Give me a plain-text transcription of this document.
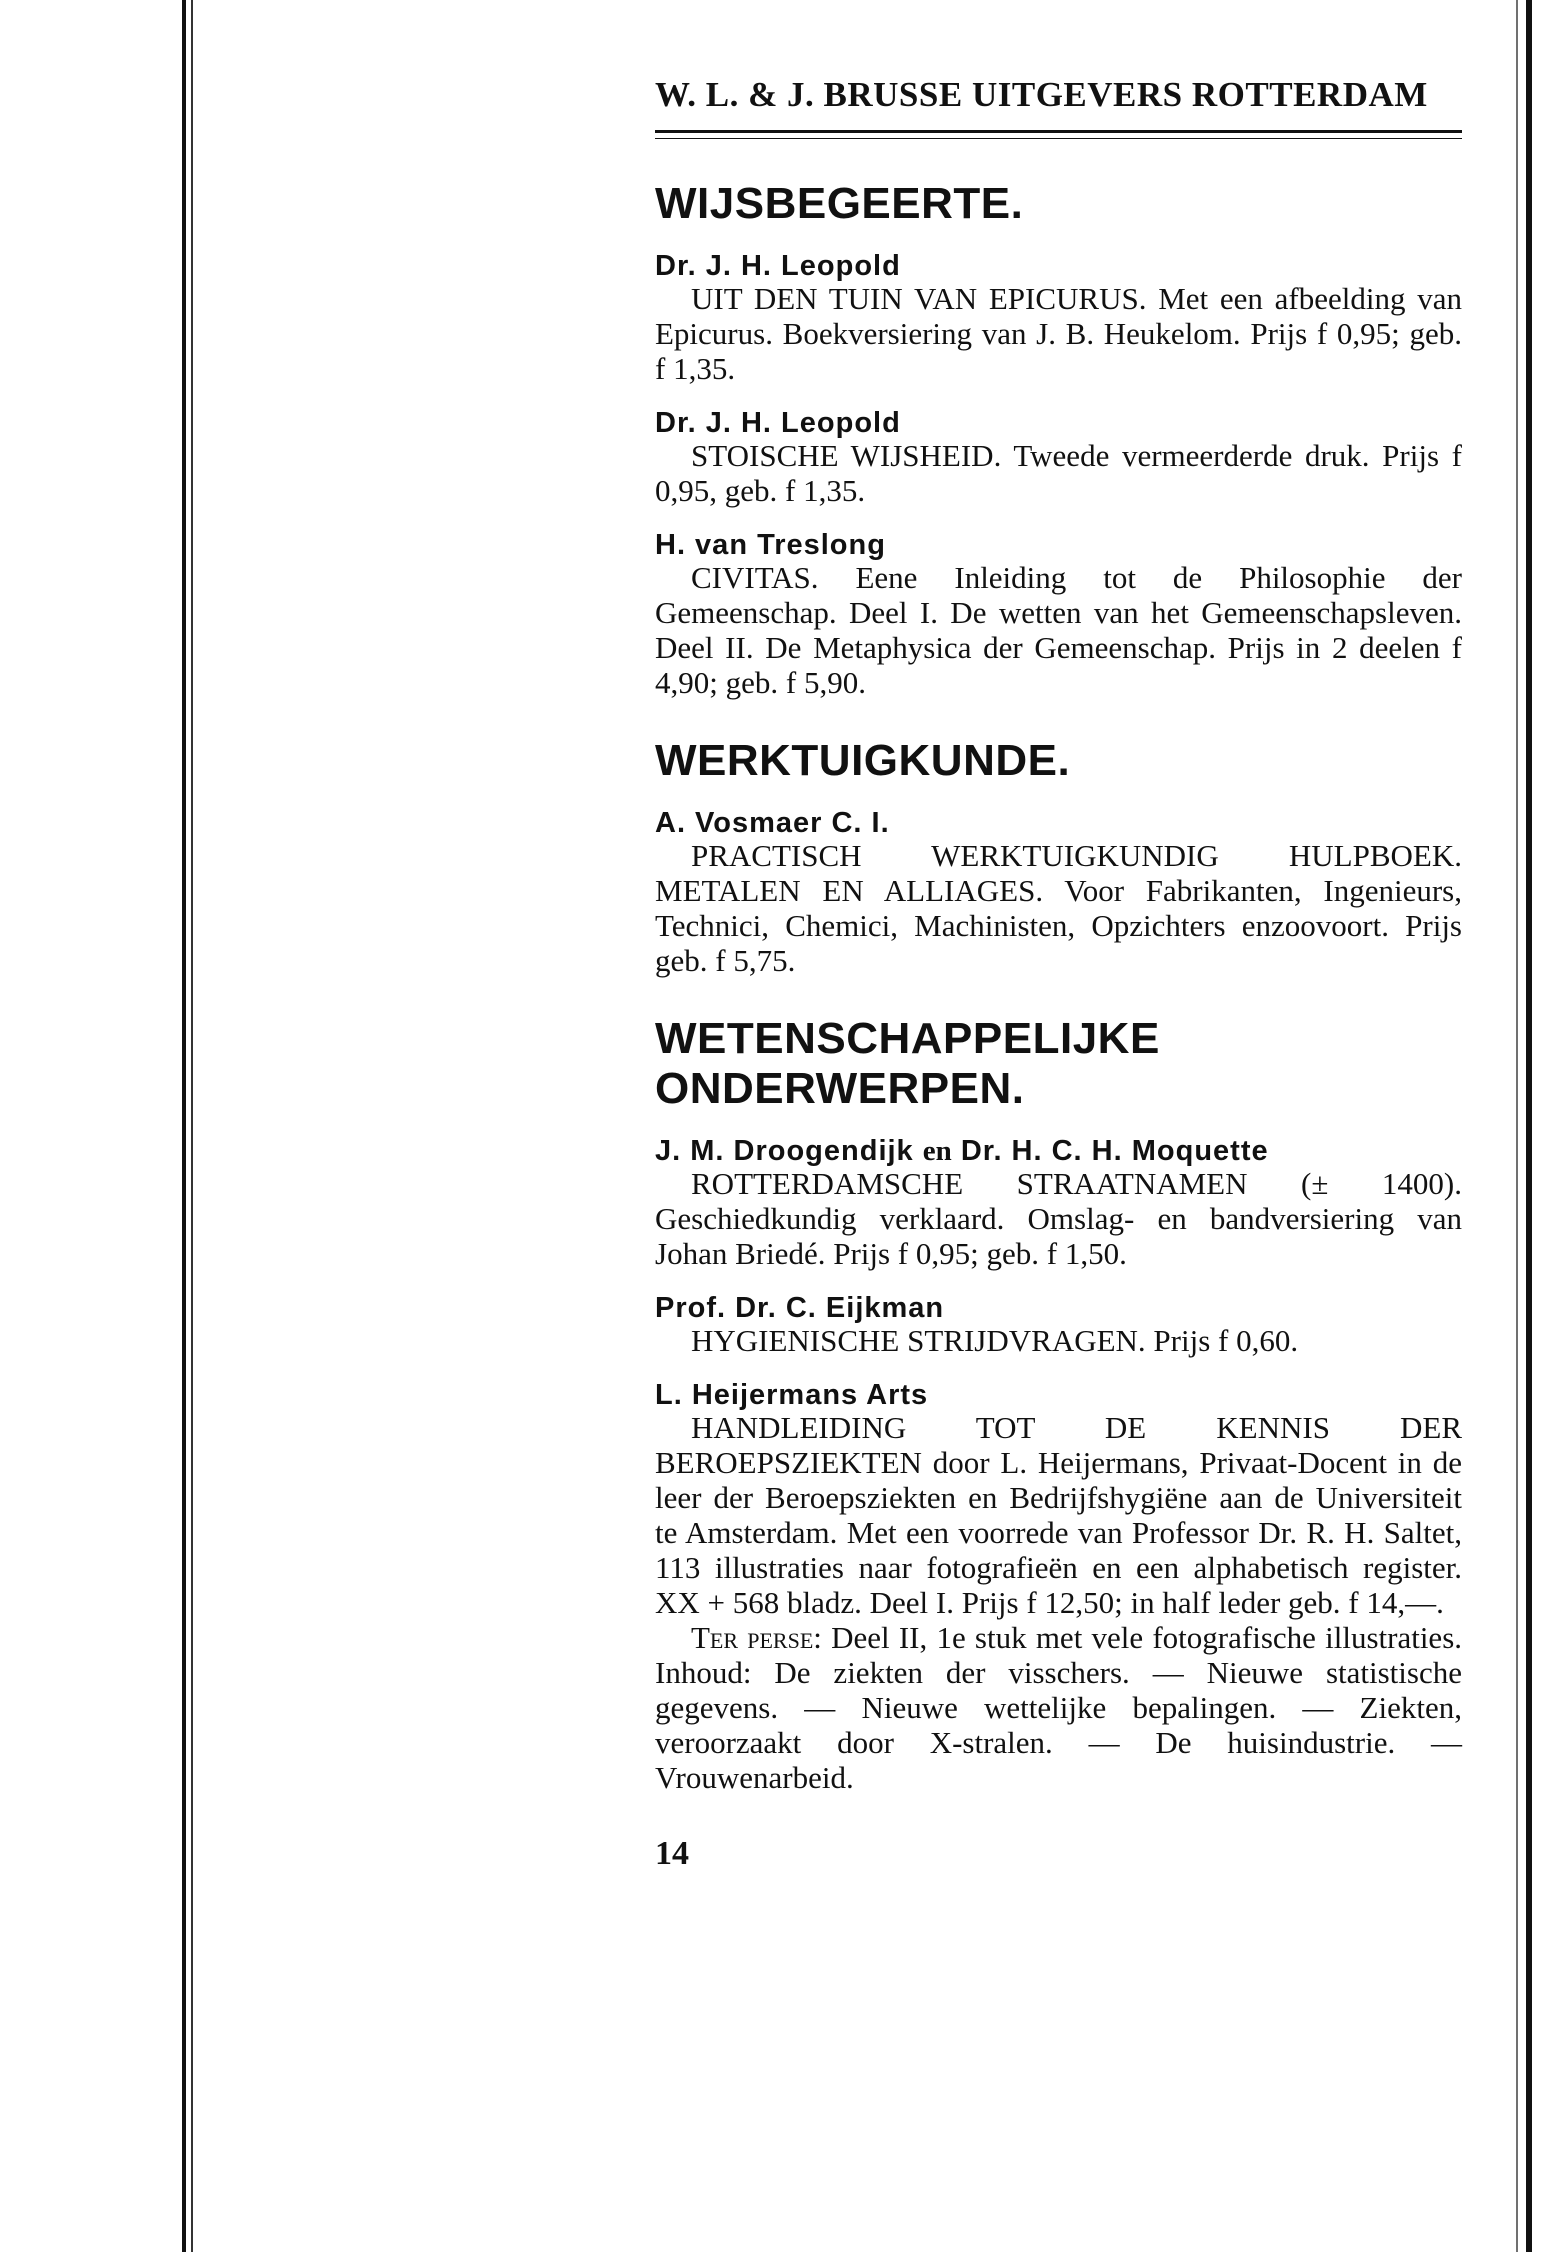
W. L. & J. BRUSSE UITGEVERS ROTTERDAM
WIJSBEGEERTE.

Dr. J. H. Leopold

UIT DEN TUIN VAN EPICURUS. Met een afbeelding van Epicurus. Boekversiering van J. B. Heukelom. Prijs f 0,95; geb. f 1,35.

Dr. J. H. Leopold

STOISCHE WIJSHEID. Tweede vermeerderde druk. Prijs f 0,95, geb. f 1,35.

H. van Treslong

CIVITAS. Eene Inleiding tot de Philosophie der Gemeenschap. Deel I. De wetten van het Gemeenschapsleven. Deel II. De Metaphysica der Gemeenschap. Prijs in 2 deelen f 4,90; geb. f 5,90.

WERKTUIGKUNDE.

A. Vosmaer C. I.

PRACTISCH WERKTUIGKUNDIG HULPBOEK. METALEN EN ALLIAGES. Voor Fabrikanten, Ingenieurs, Technici, Chemici, Machinisten, Opzichters enzoovoort. Prijs geb. f 5,75.

WETENSCHAPPELIJKE ONDERWERPEN.

J. M. Droogendijk en Dr. H. C. H. Moquette

ROTTERDAMSCHE STRAATNAMEN (± 1400). Geschiedkundig verklaard. Omslag- en bandversiering van Johan Briedé. Prijs f 0,95; geb. f 1,50.

Prof. Dr. C. Eijkman

HYGIENISCHE STRIJDVRAGEN. Prijs f 0,60.

L. Heijermans Arts

HANDLEIDING TOT DE KENNIS DER BEROEPSZIEKTEN door L. Heijermans, Privaat-Docent in de leer der Beroepsziekten en Bedrijfshygiëne aan de Universiteit te Amsterdam. Met een voorrede van Professor Dr. R. H. Saltet, 113 illustraties naar fotografieën en een alphabetisch register. XX + 568 bladz. Deel I. Prijs f 12,50; in half leder geb. f 14,—.

Ter perse: Deel II, 1e stuk met vele fotografische illustraties. Inhoud: De ziekten der visschers. — Nieuwe statistische gegevens. — Nieuwe wettelijke bepalingen. — Ziekten, veroorzaakt door X-stralen. — De huisindustrie. — Vrouwenarbeid.

14
